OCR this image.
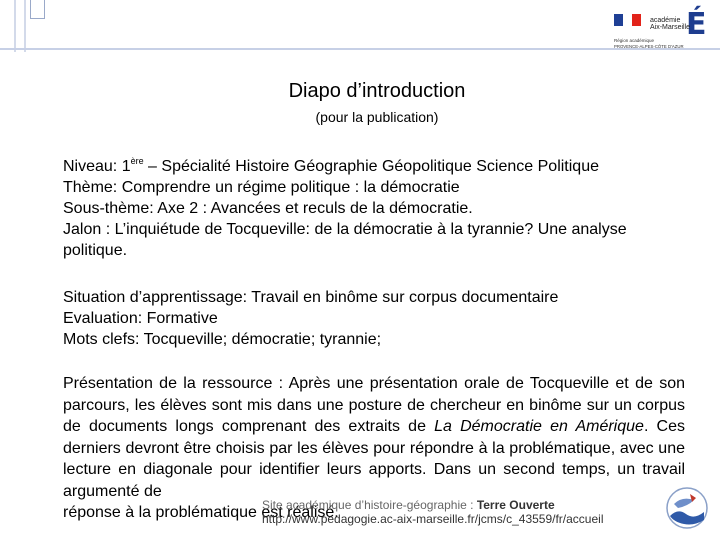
É
académie
Aix-Marseille
Région académique
PROVENCE-ALPES-CÔTE D'AZUR
Diapo d’introduction
(pour la publication)

Niveau: 1ère – Spécialité Histoire Géographie Géopolitique Science Politique

Thème: Comprendre un régime politique : la démocratie

Sous-thème: Axe 2 : Avancées et reculs de la démocratie.

Jalon : L’inquiétude de Tocqueville: de la démocratie à la tyrannie? Une analyse politique.

Situation d’apprentissage: Travail en binôme sur corpus documentaire

Evaluation: Formative

Mots clefs: Tocqueville; démocratie; tyrannie;

Présentation de la ressource : Après une présentation orale de Tocqueville et de son parcours, les élèves sont mis dans une posture de chercheur en binôme sur un corpus de documents longs comprenant des extraits de La Démocratie en Amérique. Ces derniers devront être choisis par les élèves pour répondre à la problématique, avec une lecture en diagonale pour identifier leurs apports. Dans un second temps, un travail argumenté de

réponse à la problématique est réalisé.

Site académique d’histoire-géographie : Terre Ouverte
http://www.pedagogie.ac-aix-marseille.fr/jcms/c_43559/fr/accueil
